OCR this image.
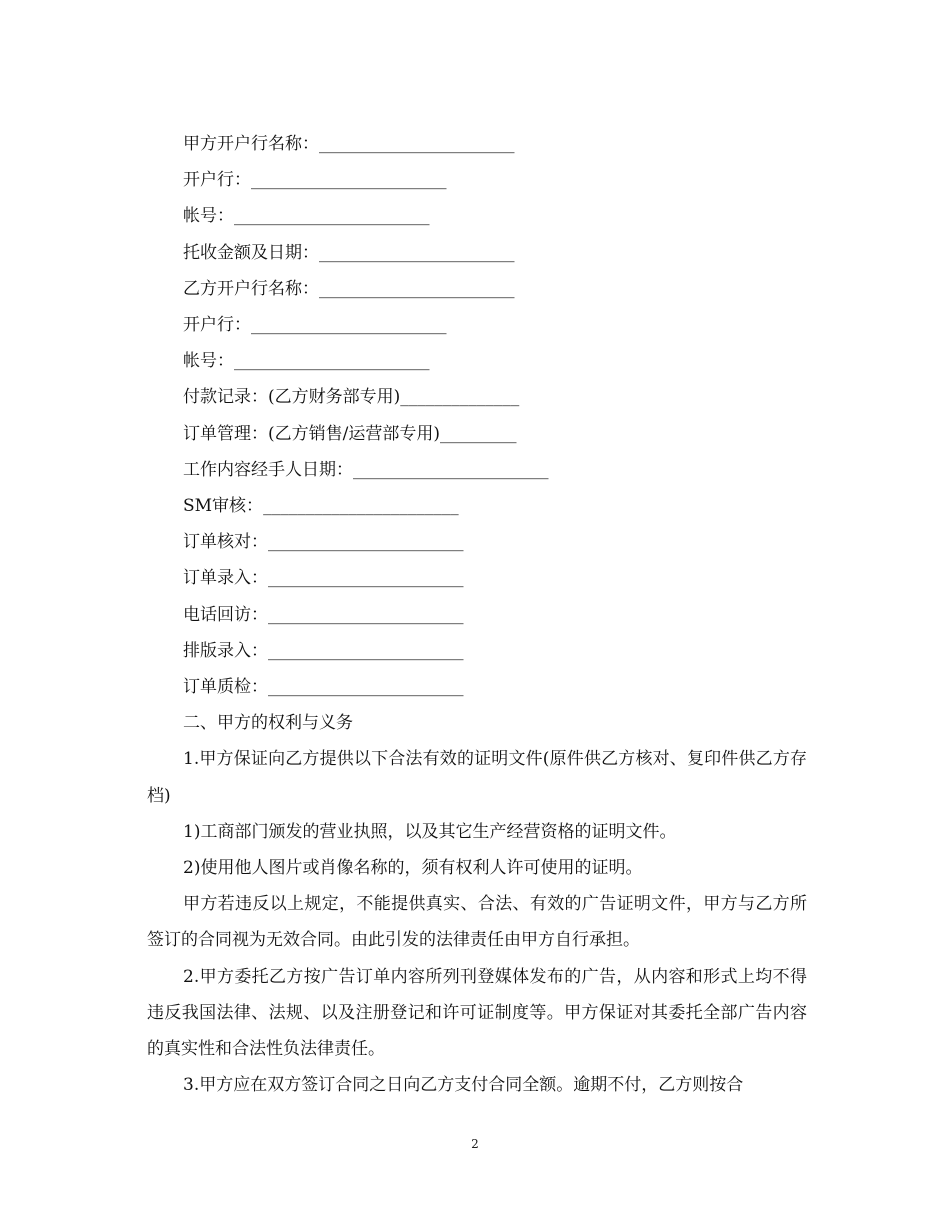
甲方开户行名称：_______________________

开户行：_______________________

帐号：_______________________

托收金额及日期：_______________________

乙方开户行名称：_______________________

开户行：_______________________

帐号：_______________________

付款记录：(乙方财务部专用)______________

订单管理：(乙方销售/运营部专用)_________

工作内容经手人日期：_______________________

SM审核：_______________________

订单核对：_______________________

订单录入：_______________________

电话回访：_______________________

排版录入：_______________________

订单质检：_______________________

二、甲方的权利与义务

1.甲方保证向乙方提供以下合法有效的证明文件(原件供乙方核对、复印件供乙方存档)

1)工商部门颁发的营业执照，以及其它生产经营资格的证明文件。

2)使用他人图片或肖像名称的，须有权利人许可使用的证明。

甲方若违反以上规定，不能提供真实、合法、有效的广告证明文件，甲方与乙方所签订的合同视为无效合同。由此引发的法律责任由甲方自行承担。

2.甲方委托乙方按广告订单内容所列刊登媒体发布的广告，从内容和形式上均不得违反我国法律、法规、以及注册登记和许可证制度等。甲方保证对其委托全部广告内容的真实性和合法性负法律责任。

3.甲方应在双方签订合同之日向乙方支付合同全额。逾期不付，乙方则按合

2
